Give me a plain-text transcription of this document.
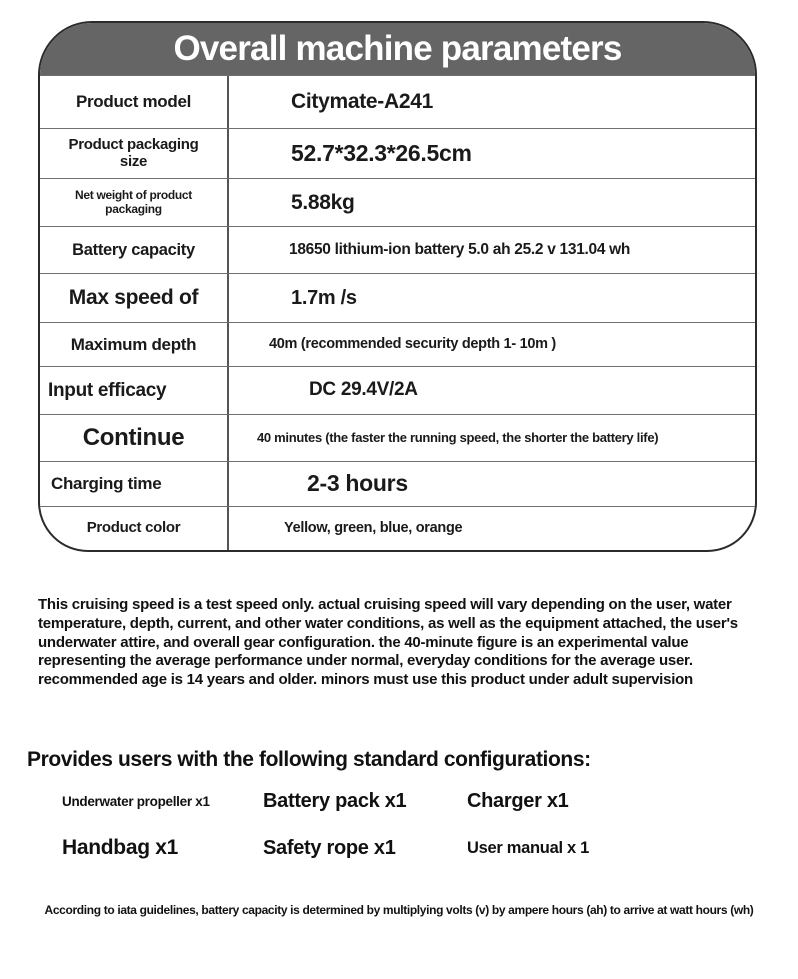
Overall machine parameters
Product model	Citymate-A241
Product packaging size	52.7*32.3*26.5cm
Net weight of product packaging	5.88kg
Battery capacity	18650 lithium-ion battery 5.0 ah 25.2 v 131.04 wh
Max speed of	1.7m /s
Maximum depth	40m (recommended security depth 1- 10m )
Input efficacy	DC 29.4V/2A
Continue	40 minutes (the faster the running speed, the shorter the battery life)
Charging time	2-3 hours
Product color	Yellow, green, blue, orange
This cruising speed is a test speed only. actual cruising speed will vary depending on the user, water temperature, depth, current, and other water conditions, as well as the equipment attached, the user's underwater attire, and overall gear configuration. the 40-minute figure is an experimental value representing the average performance under normal, everyday conditions for the average user. recommended age is 14 years and older. minors must use this product under adult supervision
Provides users with the following standard configurations:
Underwater propeller x1	Battery pack x1	Charger x1
Handbag x1	Safety rope x1	User manual x 1
According to iata guidelines, battery capacity is determined by multiplying volts (v) by ampere hours (ah) to arrive at watt hours (wh)
